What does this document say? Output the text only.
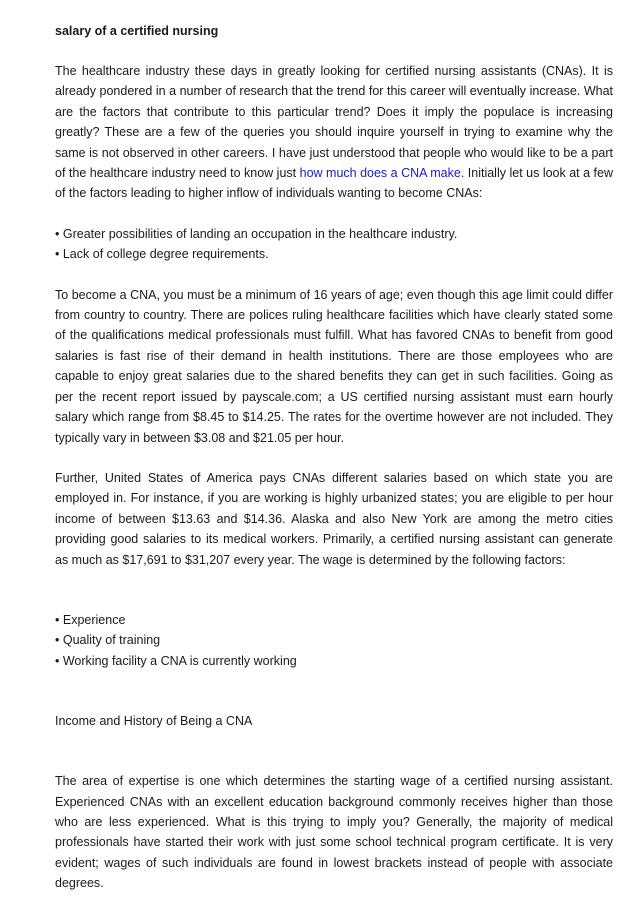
salary of a certified nursing

The healthcare industry these days in greatly looking for certified nursing assistants (CNAs). It is already pondered in a number of research that the trend for this career will eventually increase. What are the factors that contribute to this particular trend? Does it imply the populace is increasing greatly? These are a few of the queries you should inquire yourself in trying to examine why the same is not observed in other careers. I have just understood that people who would like to be a part of the healthcare industry need to know just how much does a CNA make. Initially let us look at a few of the factors leading to higher inflow of individuals wanting to become CNAs:

• Greater possibilities of landing an occupation in the healthcare industry.
• Lack of college degree requirements.

To become a CNA, you must be a minimum of 16 years of age; even though this age limit could differ from country to country. There are polices ruling healthcare facilities which have clearly stated some of the qualifications medical professionals must fulfill. What has favored CNAs to benefit from good salaries is fast rise of their demand in health institutions. There are those employees who are capable to enjoy great salaries due to the shared benefits they can get in such facilities. Going as per the recent report issued by payscale.com; a US certified nursing assistant must earn hourly salary which range from $8.45 to $14.25. The rates for the overtime however are not included. They typically vary in between $3.08 and $21.05 per hour.

Further, United States of America pays CNAs different salaries based on which state you are employed in. For instance, if you are working is highly urbanized states; you are eligible to per hour income of between $13.63 and $14.36. Alaska and also New York are among the metro cities providing good salaries to its medical workers. Primarily, a certified nursing assistant can generate as much as $17,691 to $31,207 every year. The wage is determined by the following factors:

• Experience
• Quality of training
• Working facility a CNA is currently working
Income and History of Being a CNA

The area of expertise is one which determines the starting wage of a certified nursing assistant. Experienced CNAs with an excellent education background commonly receives higher than those who are less experienced. What is this trying to imply you? Generally, the majority of medical professionals have started their work with just some school technical program certificate. It is very evident; wages of such individuals are found in lowest brackets instead of people with associate degrees.
